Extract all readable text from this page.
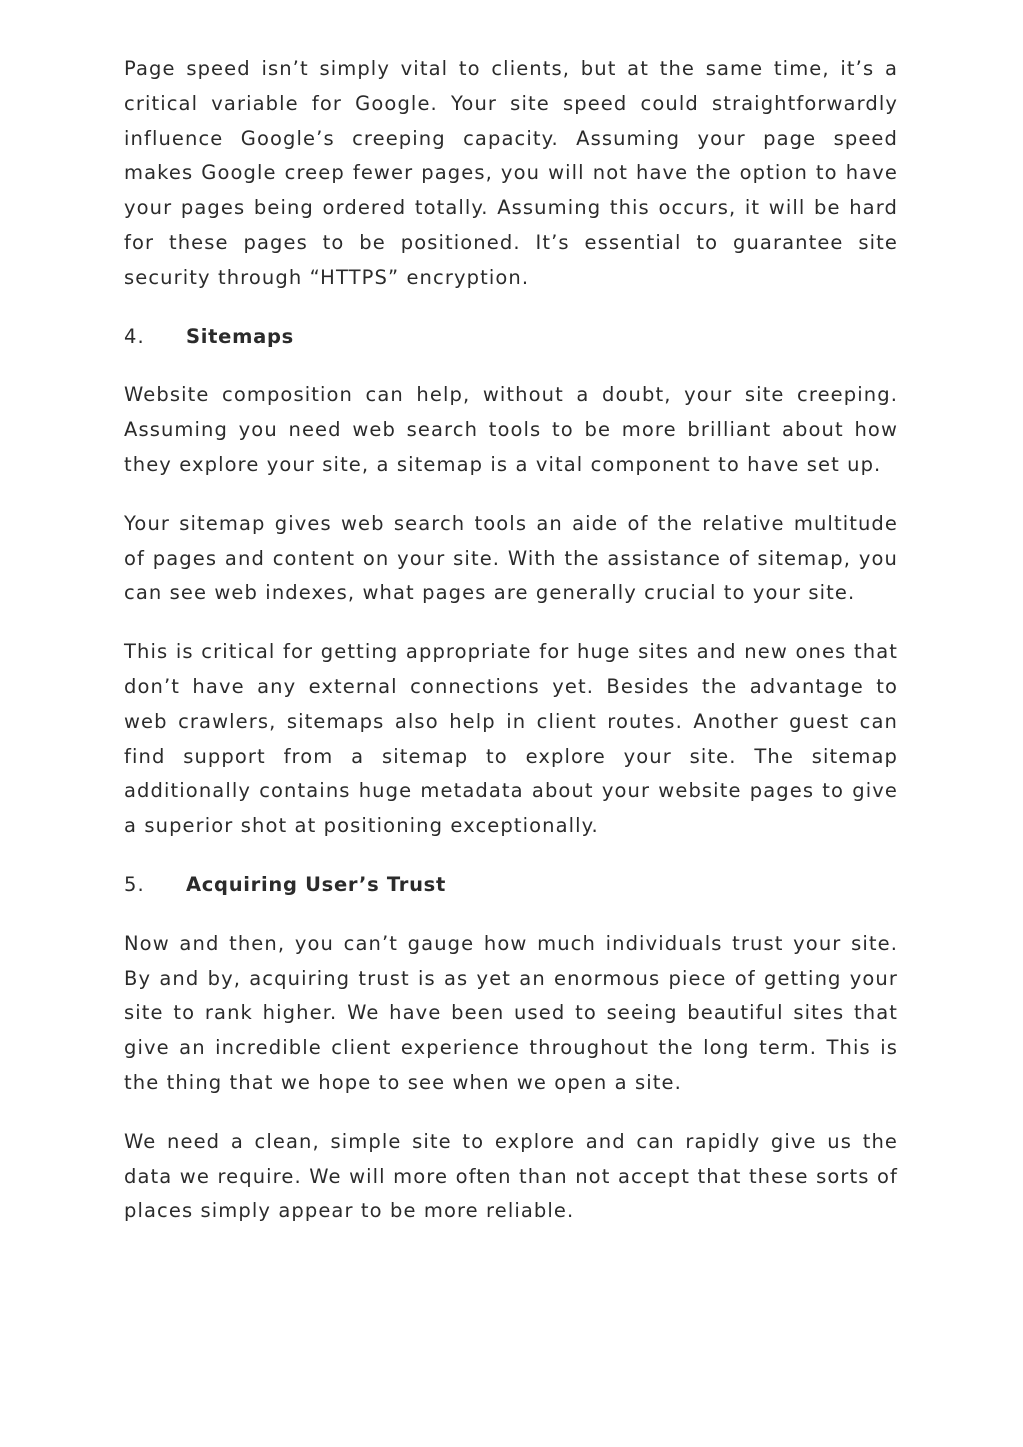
Page speed isn’t simply vital to clients, but at the same time, it’s a critical variable for Google. Your site speed could straightforwardly influence Google’s creeping capacity. Assuming your page speed makes Google creep fewer pages, you will not have the option to have your pages being ordered totally. Assuming this occurs, it will be hard for these pages to be positioned. It’s essential to guarantee site security through “HTTPS” encryption.

4.	Sitemaps

Website composition can help, without a doubt, your site creeping. Assuming you need web search tools to be more brilliant about how they explore your site, a sitemap is a vital component to have set up.

Your sitemap gives web search tools an aide of the relative multitude of pages and content on your site. With the assistance of sitemap, you can see web indexes, what pages are generally crucial to your site.

This is critical for getting appropriate for huge sites and new ones that don’t have any external connections yet. Besides the advantage to web crawlers, sitemaps also help in client routes. Another guest can find support from a sitemap to explore your site. The sitemap additionally contains huge metadata about your website pages to give a superior shot at positioning exceptionally.

5.	Acquiring User’s Trust

Now and then, you can’t gauge how much individuals trust your site. By and by, acquiring trust is as yet an enormous piece of getting your site to rank higher. We have been used to seeing beautiful sites that give an incredible client experience throughout the long term. This is the thing that we hope to see when we open a site.

We need a clean, simple site to explore and can rapidly give us the data we require. We will more often than not accept that these sorts of places simply appear to be more reliable.
